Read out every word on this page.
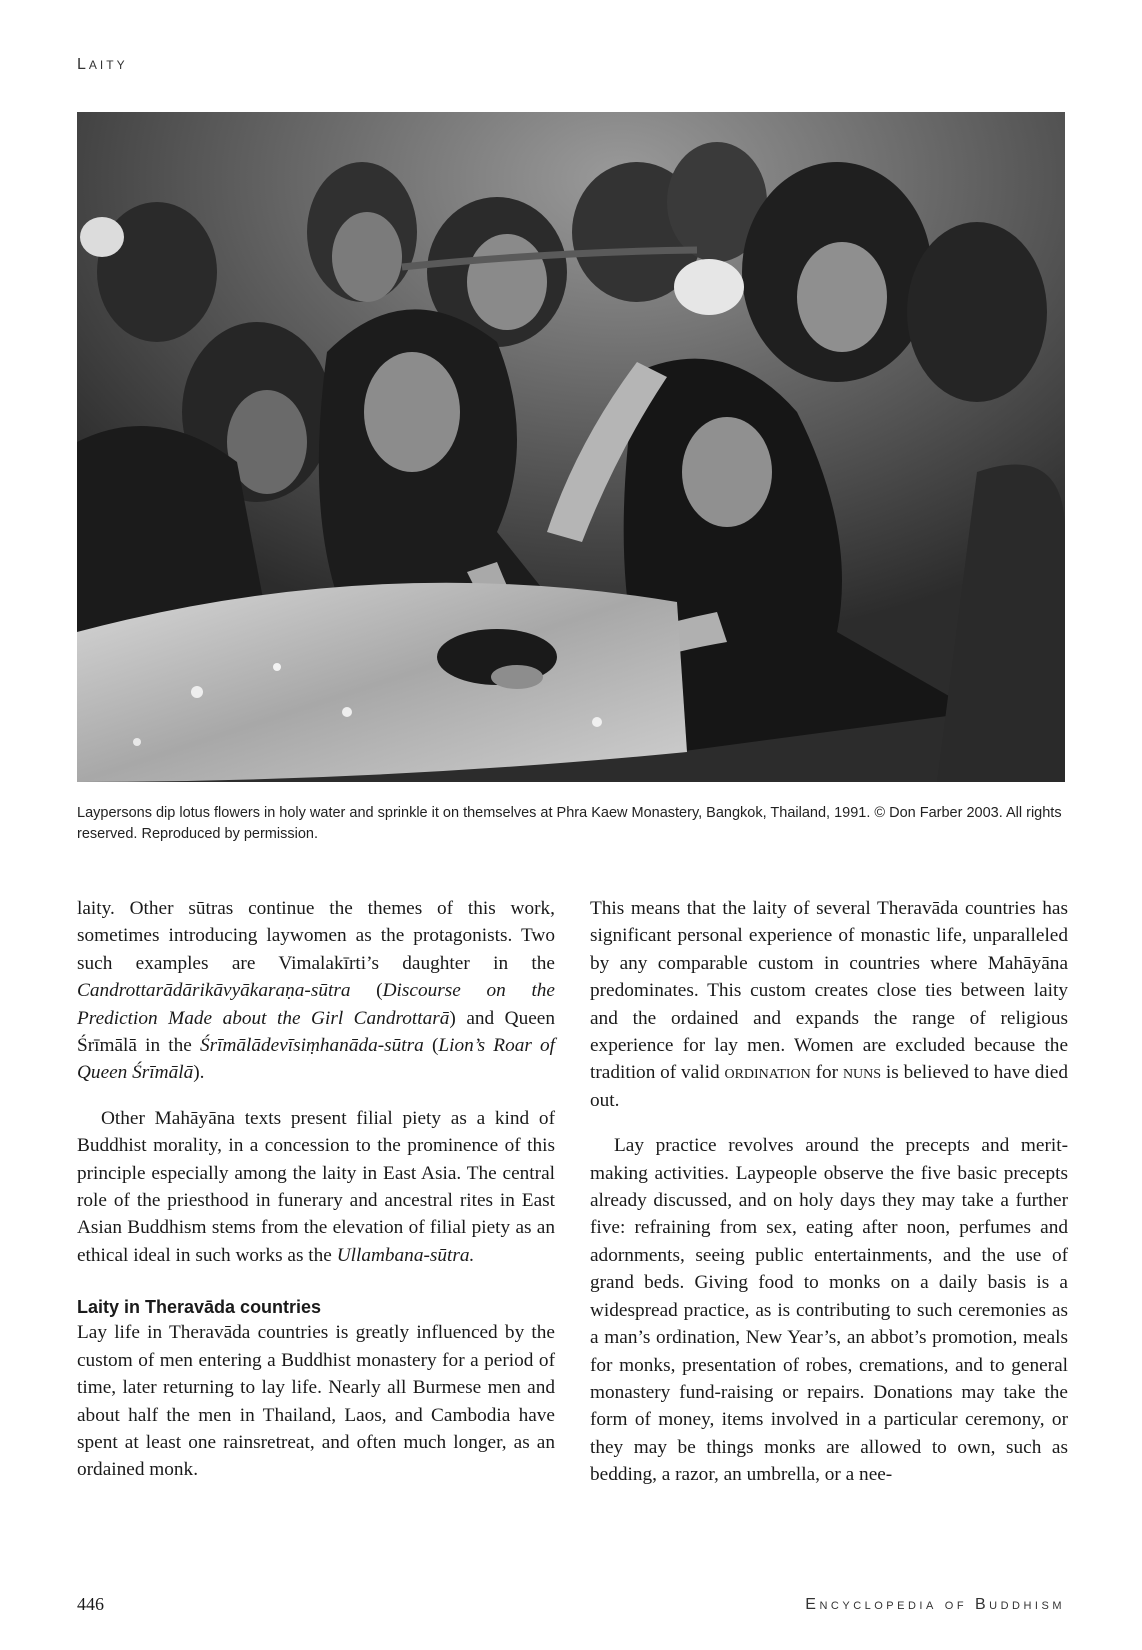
LAITY
Laypersons dip lotus flowers in holy water and sprinkle it on themselves at Phra Kaew Monastery, Bangkok, Thailand, 1991. © Don Farber 2003. All rights reserved. Reproduced by permission.

laity. Other sūtras continue the themes of this work, sometimes introducing laywomen as the protagonists. Two such examples are Vimalakīrti’s daughter in the Candrottarādārikāvyākaraṇa-sūtra (Discourse on the Prediction Made about the Girl Candrottarā) and Queen Śrīmālā in the Śrīmālādevīsiṃhanāda-sūtra (Lion’s Roar of Queen Śrīmālā).

Other Mahāyāna texts present filial piety as a kind of Buddhist morality, in a concession to the prominence of this principle especially among the laity in East Asia. The central role of the priesthood in funerary and ancestral rites in East Asian Buddhism stems from the elevation of filial piety as an ethical ideal in such works as the Ullambana-sūtra.

Laity in Theravāda countries

Lay life in Theravāda countries is greatly influenced by the custom of men entering a Buddhist monastery for a period of time, later returning to lay life. Nearly all Burmese men and about half the men in Thailand, Laos, and Cambodia have spent at least one rainsretreat, and often much longer, as an ordained monk.

This means that the laity of several Theravāda countries has significant personal experience of monastic life, unparalleled by any comparable custom in countries where Mahāyāna predominates. This custom creates close ties between laity and the ordained and expands the range of religious experience for lay men. Women are excluded because the tradition of valid ordination for nuns is believed to have died out.

Lay practice revolves around the precepts and merit-making activities. Laypeople observe the five basic precepts already discussed, and on holy days they may take a further five: refraining from sex, eating after noon, perfumes and adornments, seeing public entertainments, and the use of grand beds. Giving food to monks on a daily basis is a widespread practice, as is contributing to such ceremonies as a man’s ordination, New Year’s, an abbot’s promotion, meals for monks, presentation of robes, cremations, and to general monastery fund-raising or repairs. Donations may take the form of money, items involved in a particular ceremony, or they may be things monks are allowed to own, such as bedding, a razor, an umbrella, or a nee-

446	Encyclopedia of Buddhism
